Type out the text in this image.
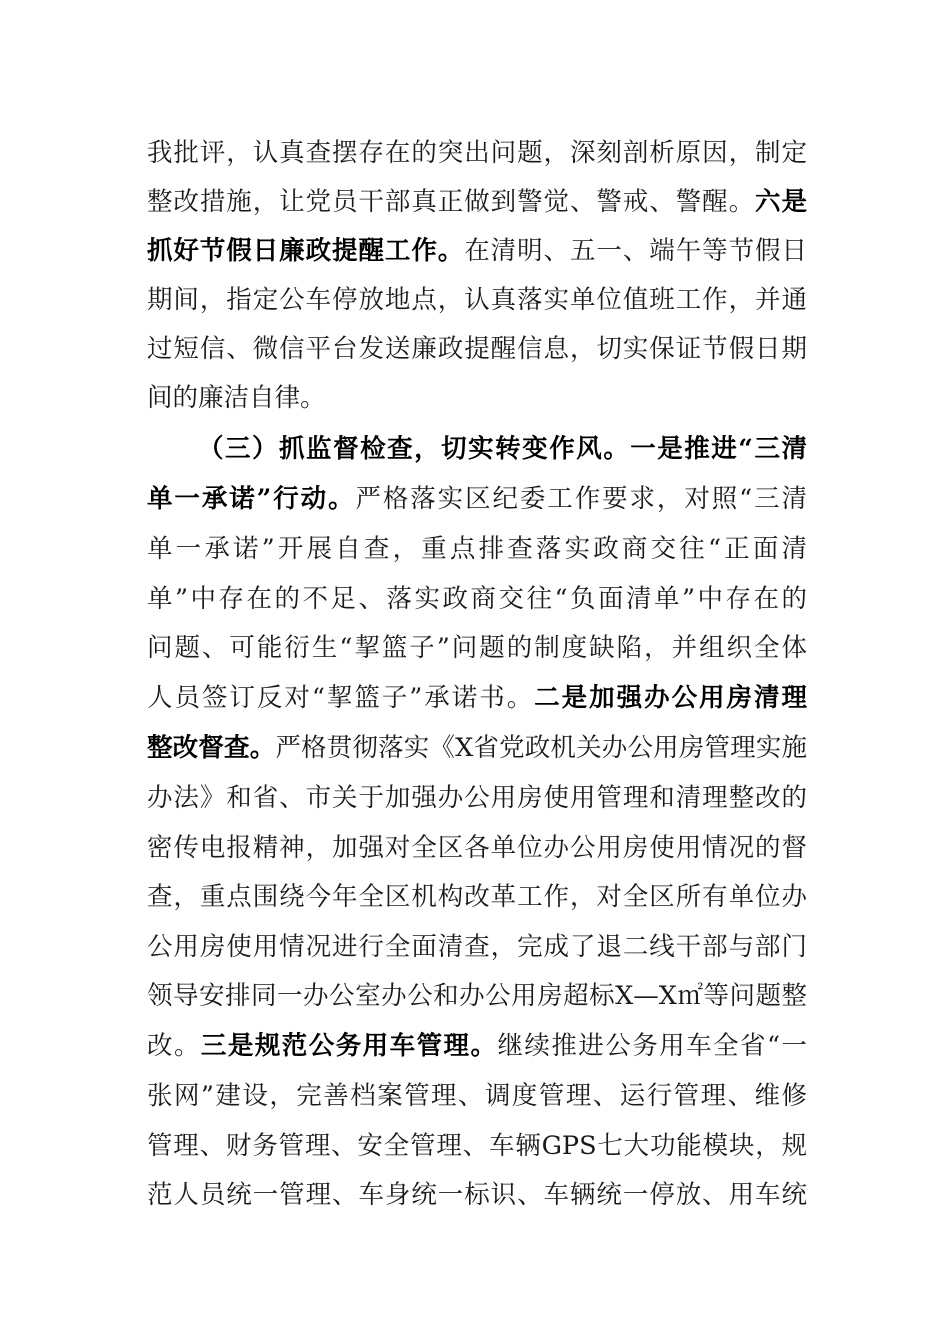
我批评，认真查摆存在的突出问题，深刻剖析原因，制定
整改措施，让党员干部真正做到警觉、警戒、警醒。六是
抓好节假日廉政提醒工作。在清明、五一、端午等节假日
期间，指定公车停放地点，认真落实单位值班工作，并通
过短信、微信平台发送廉政提醒信息，切实保证节假日期
间的廉洁自律。
（三）抓监督检查，切实转变作风。一是推进“三清
单一承诺”行动。严格落实区纪委工作要求，对照“三清
单一承诺”开展自查，重点排查落实政商交往“正面清
单”中存在的不足、落实政商交往“负面清单”中存在的
问题、可能衍生“挈篮子”问题的制度缺陷，并组织全体
人员签订反对“挈篮子”承诺书。二是加强办公用房清理
整改督查。严格贯彻落实《X省党政机关办公用房管理实施
办法》和省、市关于加强办公用房使用管理和清理整改的
密传电报精神，加强对全区各单位办公用房使用情况的督
查，重点围绕今年全区机构改革工作，对全区所有单位办
公用房使用情况进行全面清查，完成了退二线干部与部门
领导安排同一办公室办公和办公用房超标X—X㎡等问题整
改。三是规范公务用车管理。继续推进公务用车全省“一
张网”建设，完善档案管理、调度管理、运行管理、维修
管理、财务管理、安全管理、车辆GPS七大功能模块，规
范人员统一管理、车身统一标识、车辆统一停放、用车统
